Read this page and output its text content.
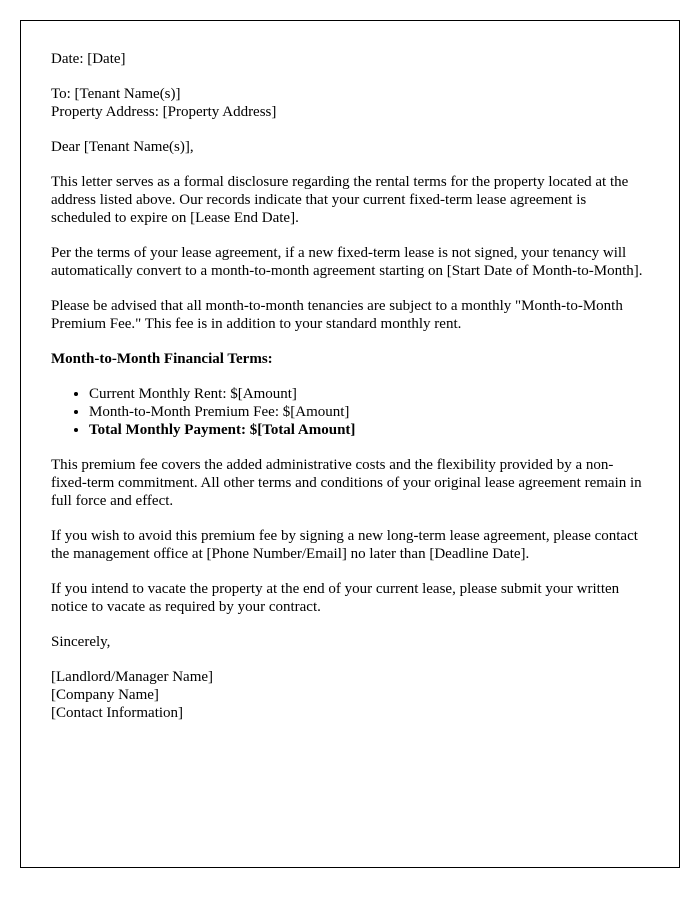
Date: [Date]

To: [Tenant Name(s)]

Property Address: [Property Address]

Dear [Tenant Name(s)],

This letter serves as a formal disclosure regarding the rental terms for the property located at the address listed above. Our records indicate that your current fixed-term lease agreement is scheduled to expire on [Lease End Date].

Per the terms of your lease agreement, if a new fixed-term lease is not signed, your tenancy will automatically convert to a month-to-month agreement starting on [Start Date of Month-to-Month].

Please be advised that all month-to-month tenancies are subject to a monthly "Month-to-Month Premium Fee." This fee is in addition to your standard monthly rent.

Month-to-Month Financial Terms:

• Current Monthly Rent: $[Amount]
• Month-to-Month Premium Fee: $[Amount]
• Total Monthly Payment: $[Total Amount]

This premium fee covers the added administrative costs and the flexibility provided by a non-fixed-term commitment. All other terms and conditions of your original lease agreement remain in full force and effect.

If you wish to avoid this premium fee by signing a new long-term lease agreement, please contact the management office at [Phone Number/Email] no later than [Deadline Date].

If you intend to vacate the property at the end of your current lease, please submit your written notice to vacate as required by your contract.

Sincerely,

[Landlord/Manager Name]
[Company Name]
[Contact Information]
